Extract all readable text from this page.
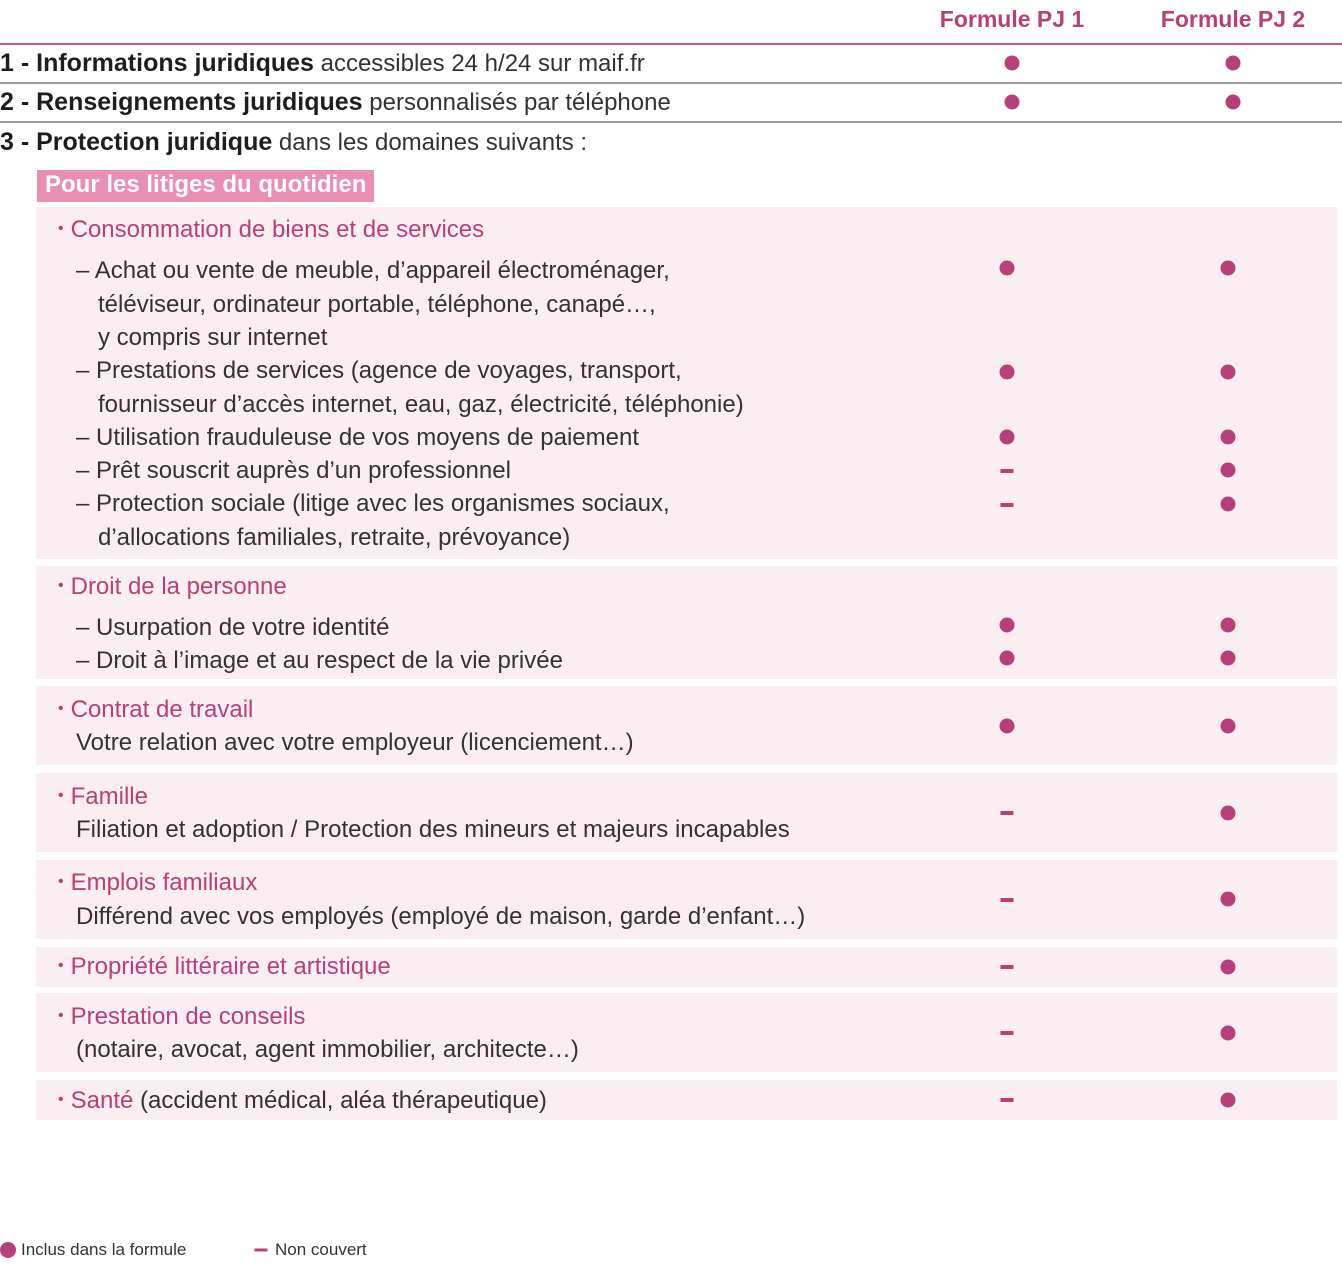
Formule PJ 1	Formule PJ 2
1 - Informations juridiques accessibles 24 h/24 sur maif.fr
2 - Renseignements juridiques personnalisés par téléphone
3 - Protection juridique dans les domaines suivants :
Pour les litiges du quotidien
• Consommation de biens et de services
– Achat ou vente de meuble, d’appareil électroménager,
téléviseur, ordinateur portable, téléphone, canapé…,
y compris sur internet
– Prestations de services (agence de voyages, transport,
fournisseur d’accès internet, eau, gaz, électricité, téléphonie)
– Utilisation frauduleuse de vos moyens de paiement
– Prêt souscrit auprès d’un professionnel
– Protection sociale (litige avec les organismes sociaux,
d’allocations familiales, retraite, prévoyance)
• Droit de la personne
– Usurpation de votre identité
– Droit à l’image et au respect de la vie privée
• Contrat de travail
Votre relation avec votre employeur (licenciement…)
• Famille
Filiation et adoption / Protection des mineurs et majeurs incapables
• Emplois familiaux
Différend avec vos employés (employé de maison, garde d’enfant…)
• Propriété littéraire et artistique
• Prestation de conseils
(notaire, avocat, agent immobilier, architecte…)
• Santé (accident médical, aléa thérapeutique)
Inclus dans la formule	Non couvert
